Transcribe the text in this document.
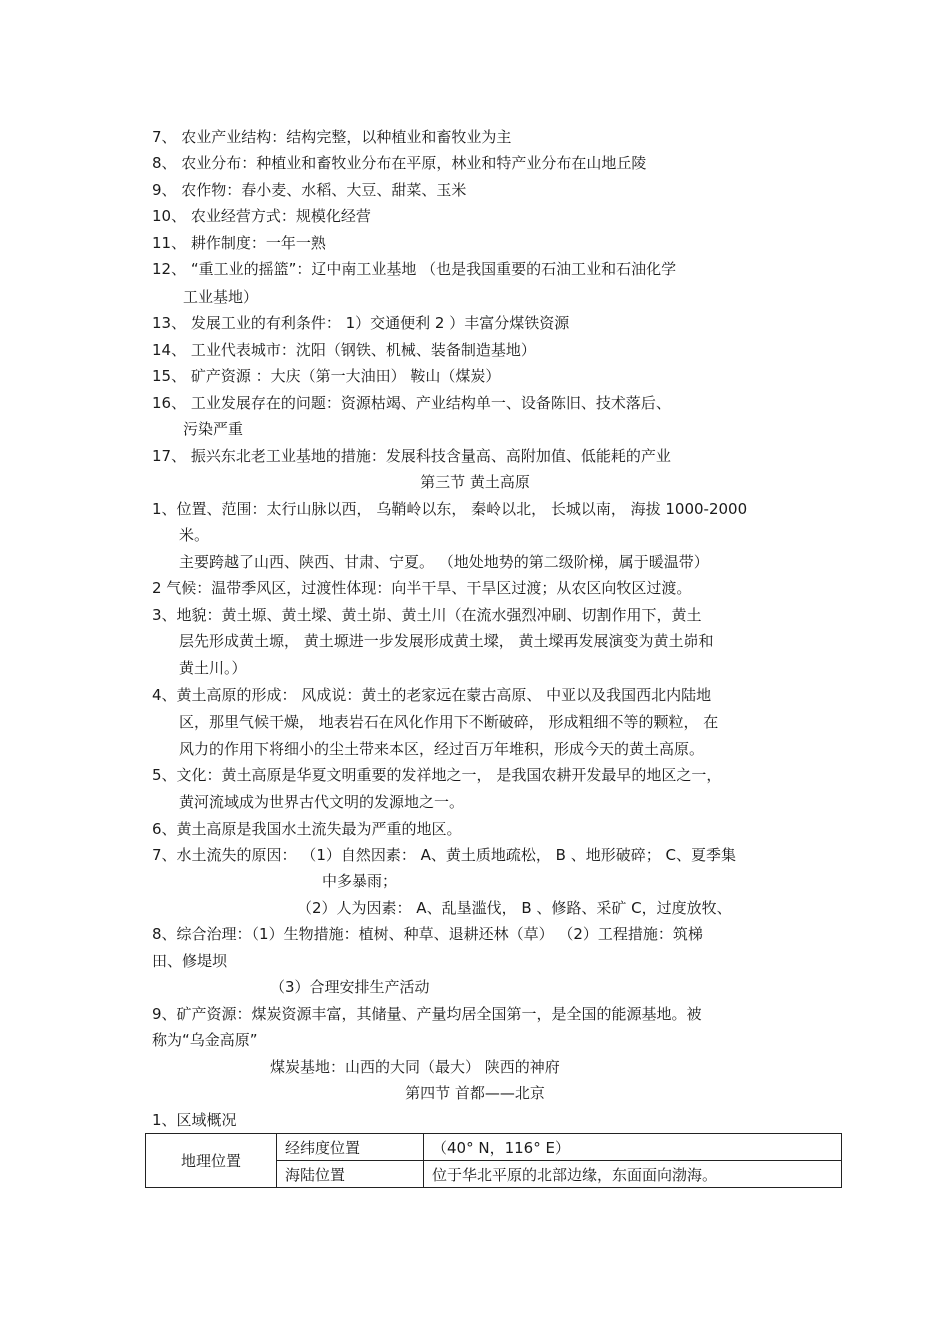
7、 农业产业结构：结构完整，以种植业和畜牧业为主
8、 农业分布：种植业和畜牧业分布在平原，林业和特产业分布在山地丘陵
9、 农作物：春小麦、水稻、大豆、甜菜、玉米
10、 农业经营方式：规模化经营
11、 耕作制度：一年一熟
12、 “重工业的摇篮”：辽中南工业基地 （也是我国重要的石油工业和石油化学
工业基地）
13、 发展工业的有利条件： 1）交通便利 2 ）丰富分煤铁资源
14、 工业代表城市：沈阳（钢铁、机械、装备制造基地）
15、 矿产资源 ：大庆（第一大油田） 鞍山（煤炭）
16、 工业发展存在的问题：资源枯竭、产业结构单一、设备陈旧、技术落后、
污染严重
17、 振兴东北老工业基地的措施：发展科技含量高、高附加值、低能耗的产业
第三节 黄土高原
1、位置、范围：太行山脉以西， 乌鞘岭以东， 秦岭以北， 长城以南， 海拔 1000-2000
米。
主要跨越了山西、陕西、甘肃、宁夏。 （地处地势的第二级阶梯，属于暖温带）
2 气候：温带季风区，过渡性体现：向半干旱、干旱区过渡；从农区向牧区过渡。
3、地貌：黄土塬、黄土墚、黄土峁、黄土川（在流水强烈冲刷、切割作用下，黄土
层先形成黄土塬， 黄土塬进一步发展形成黄土墚， 黄土墚再发展演变为黄土峁和
黄土川。）
4、黄土高原的形成： 风成说：黄土的老家远在蒙古高原、 中亚以及我国西北内陆地
区，那里气候干燥， 地表岩石在风化作用下不断破碎， 形成粗细不等的颗粒， 在
风力的作用下将细小的尘土带来本区，经过百万年堆积，形成今天的黄土高原。
5、文化：黄土高原是华夏文明重要的发祥地之一， 是我国农耕开发最早的地区之一，
黄河流域成为世界古代文明的发源地之一。
6、黄土高原是我国水土流失最为严重的地区。
7、水土流失的原因： （1）自然因素： A、黄土质地疏松， B 、地形破碎； C、夏季集
中多暴雨；
（2）人为因素： A、乱垦滥伐， B 、修路、采矿 C，过度放牧、
8、综合治理：（1）生物措施：植树、种草、退耕还林（草） （2）工程措施：筑梯
田、修堤坝
（3）合理安排生产活动
9、矿产资源：煤炭资源丰富，其储量、产量均居全国第一，是全国的能源基地。被
称为“乌金高原”
煤炭基地：山西的大同（最大） 陕西的神府
第四节 首都——北京
1、区域概况
地理位置	经纬度位置	（40° N，116° E）
	海陆位置	位于华北平原的北部边缘，东面面向渤海。
